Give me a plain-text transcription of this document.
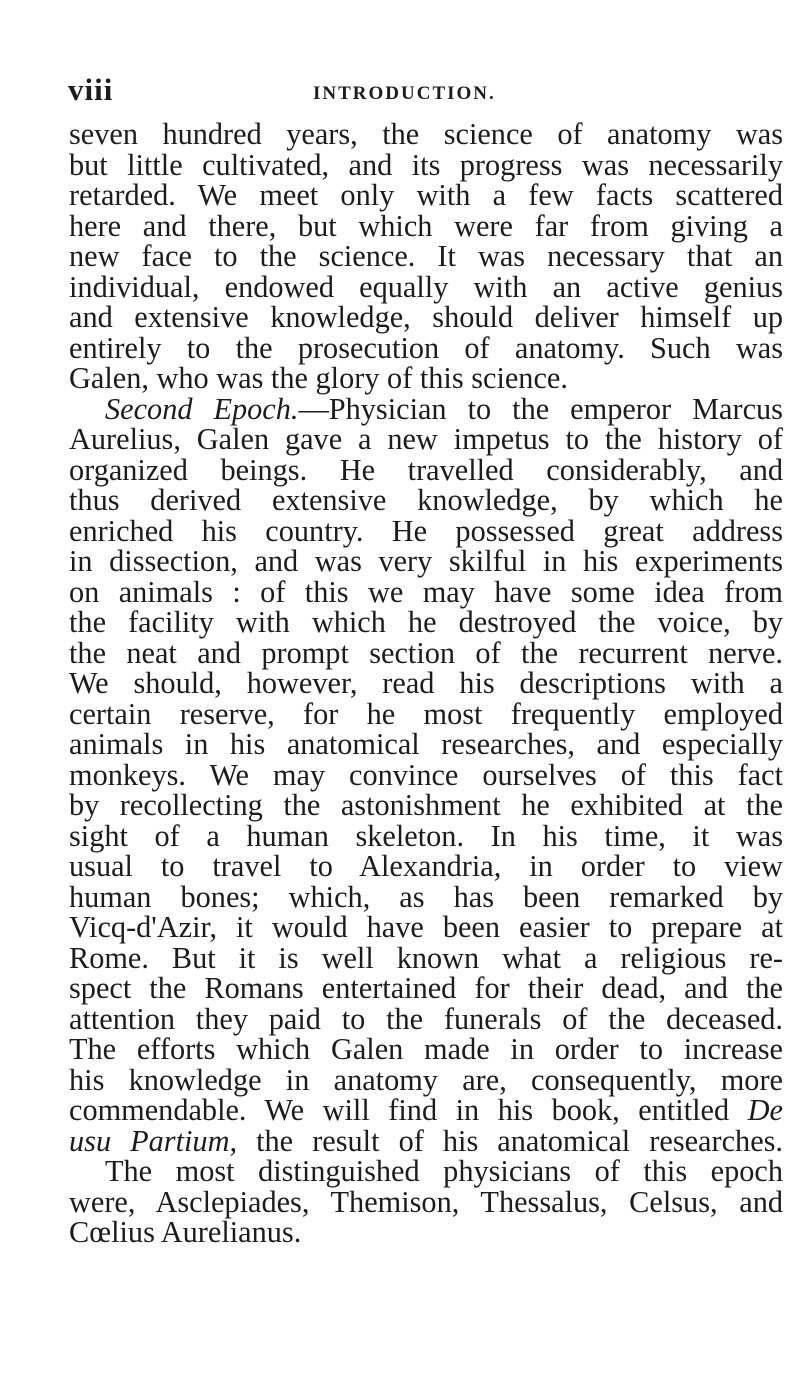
viii	INTRODUCTION.
seven hundred years, the science of anatomy was
but little cultivated, and its progress was necessarily
retarded. We meet only with a few facts scattered
here and there, but which were far from giving a
new face to the science. It was necessary that an
individual, endowed equally with an active genius
and extensive knowledge, should deliver himself up
entirely to the prosecution of anatomy. Such was
Galen, who was the glory of this science.
Second Epoch.—Physician to the emperor Marcus
Aurelius, Galen gave a new impetus to the history of
organized beings. He travelled considerably, and
thus derived extensive knowledge, by which he
enriched his country. He possessed great address
in dissection, and was very skilful in his experiments
on animals : of this we may have some idea from
the facility with which he destroyed the voice, by
the neat and prompt section of the recurrent nerve.
We should, however, read his descriptions with a
certain reserve, for he most frequently employed
animals in his anatomical researches, and especially
monkeys. We may convince ourselves of this fact
by recollecting the astonishment he exhibited at the
sight of a human skeleton. In his time, it was
usual to travel to Alexandria, in order to view
human bones; which, as has been remarked by
Vicq-d'Azir, it would have been easier to prepare at
Rome. But it is well known what a religious re-
spect the Romans entertained for their dead, and the
attention they paid to the funerals of the deceased.
The efforts which Galen made in order to increase
his knowledge in anatomy are, consequently, more
commendable. We will find in his book, entitled De
usu Partium, the result of his anatomical researches.
The most distinguished physicians of this epoch
were, Asclepiades, Themison, Thessalus, Celsus, and
Cœlius Aurelianus.
